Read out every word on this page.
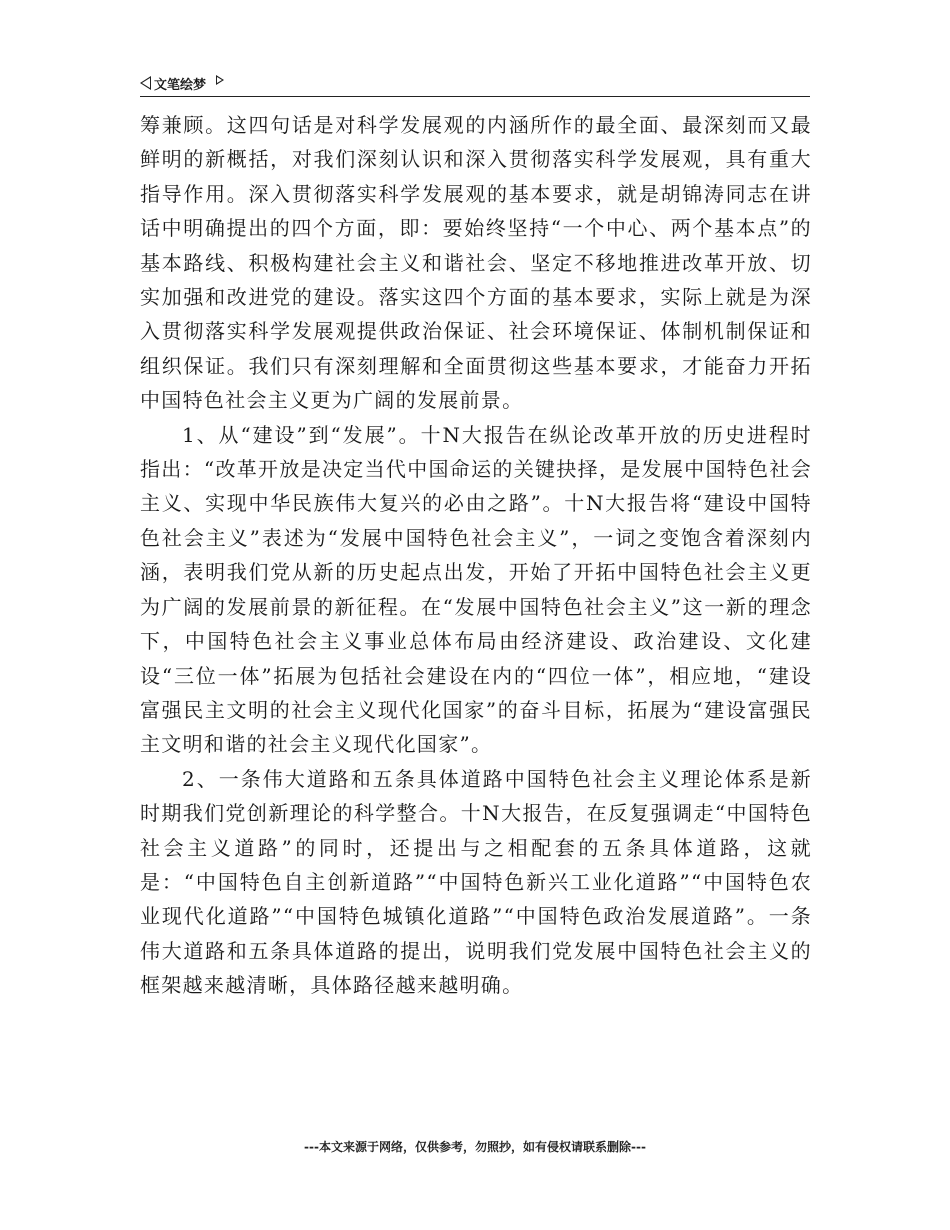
文笔绘梦

筹兼顾。这四句话是对科学发展观的内涵所作的最全面、最深刻而又最鲜明的新概括，对我们深刻认识和深入贯彻落实科学发展观，具有重大指导作用。深入贯彻落实科学发展观的基本要求，就是胡锦涛同志在讲话中明确提出的四个方面，即：要始终坚持“一个中心、两个基本点”的基本路线、积极构建社会主义和谐社会、坚定不移地推进改革开放、切实加强和改进党的建设。落实这四个方面的基本要求，实际上就是为深入贯彻落实科学发展观提供政治保证、社会环境保证、体制机制保证和组织保证。我们只有深刻理解和全面贯彻这些基本要求，才能奋力开拓中国特色社会主义更为广阔的发展前景。

1、从“建设”到“发展”。十N大报告在纵论改革开放的历史进程时指出：“改革开放是决定当代中国命运的关键抉择，是发展中国特色社会主义、实现中华民族伟大复兴的必由之路”。十N大报告将“建设中国特色社会主义”表述为“发展中国特色社会主义”，一词之变饱含着深刻内涵，表明我们党从新的历史起点出发，开始了开拓中国特色社会主义更为广阔的发展前景的新征程。在“发展中国特色社会主义”这一新的理念下，中国特色社会主义事业总体布局由经济建设、政治建设、文化建设“三位一体”拓展为包括社会建设在内的“四位一体”，相应地，“建设富强民主文明的社会主义现代化国家”的奋斗目标，拓展为“建设富强民主文明和谐的社会主义现代化国家”。

2、一条伟大道路和五条具体道路中国特色社会主义理论体系是新时期我们党创新理论的科学整合。十N大报告，在反复强调走“中国特色社会主义道路”的同时，还提出与之相配套的五条具体道路，这就是：“中国特色自主创新道路”“中国特色新兴工业化道路”“中国特色农业现代化道路”“中国特色城镇化道路”“中国特色政治发展道路”。一条伟大道路和五条具体道路的提出，说明我们党发展中国特色社会主义的框架越来越清晰，具体路径越来越明确。

---本文来源于网络，仅供参考，勿照抄，如有侵权请联系删除---
